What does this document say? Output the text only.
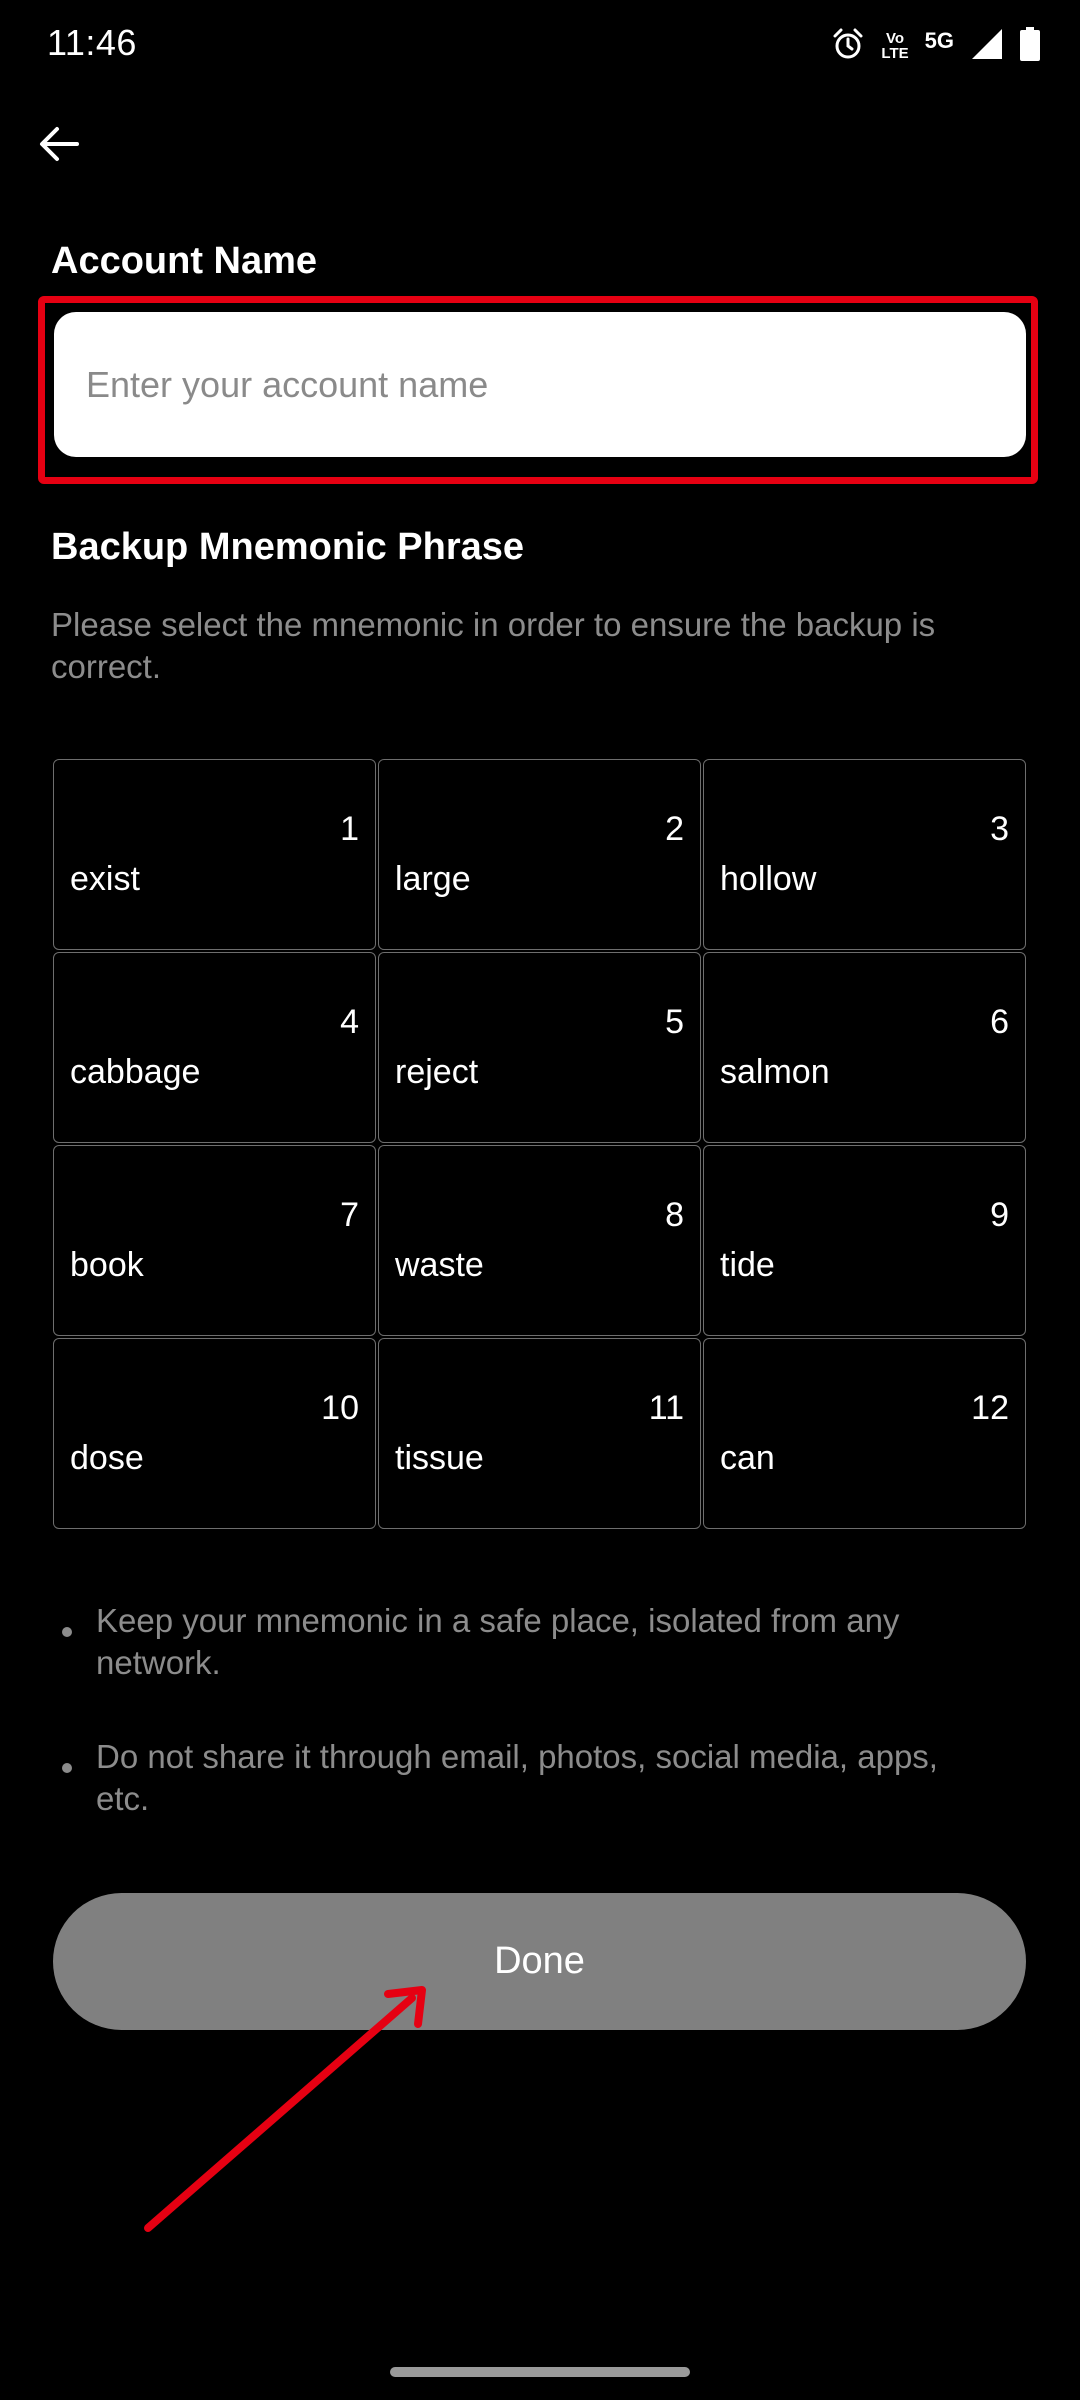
11:46	Vo
LTE
5G
Account Name
Enter your account name
Backup Mnemonic Phrase
Please select the mnemonic in order to ensure the backup is correct.
1
exist
2
large
3
hollow
4
cabbage
5
reject
6
salmon
7
book
8
waste
9
tide
10
dose
11
tissue
12
can
Keep your mnemonic in a safe place, isolated from any network.
Do not share it through email, photos, social media, apps, etc.
Done
